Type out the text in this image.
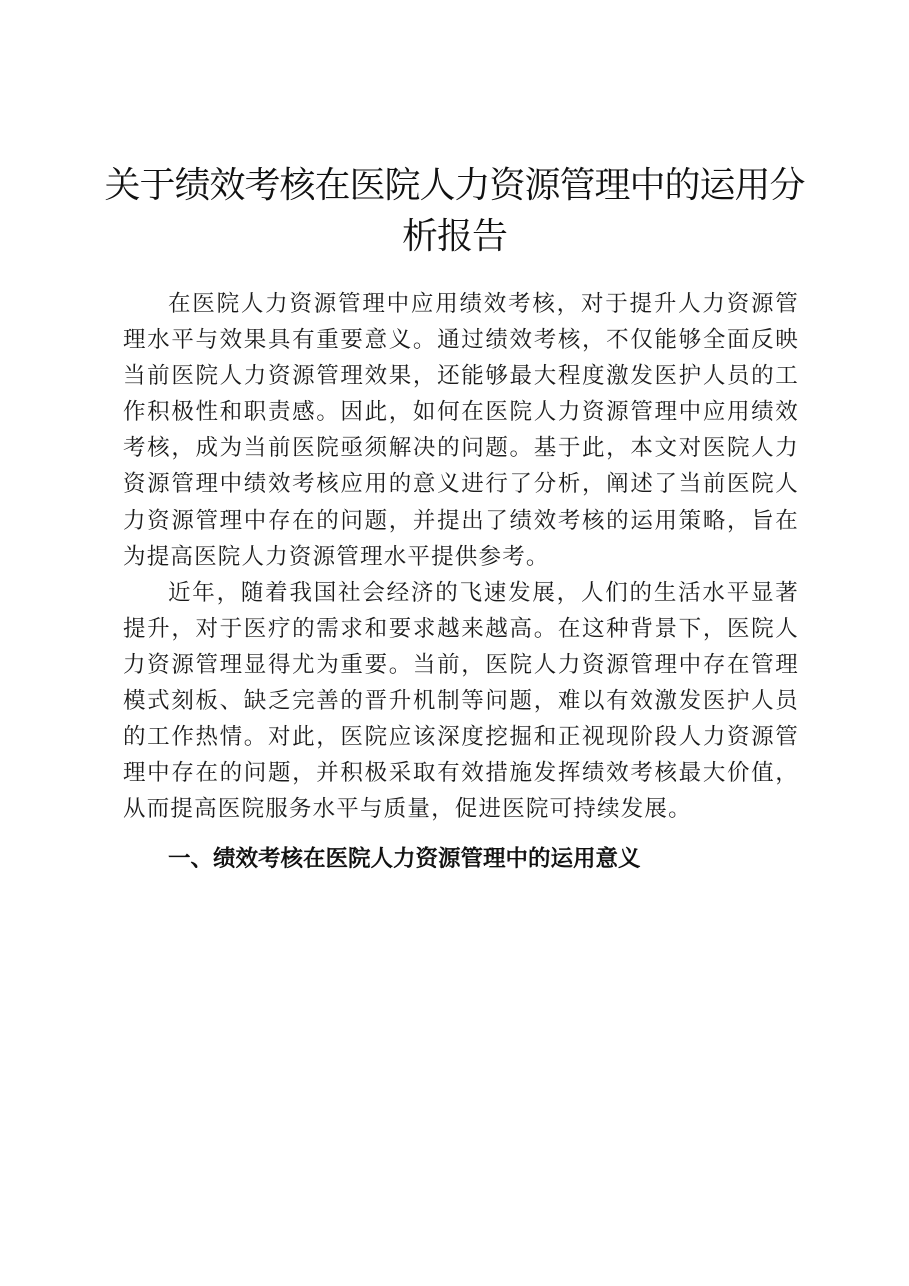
关于绩效考核在医院人力资源管理中的运用分析报告

在医院人力资源管理中应用绩效考核，对于提升人力资源管理水平与效果具有重要意义。通过绩效考核，不仅能够全面反映当前医院人力资源管理效果，还能够最大程度激发医护人员的工作积极性和职责感。因此，如何在医院人力资源管理中应用绩效考核，成为当前医院亟须解决的问题。基于此，本文对医院人力资源管理中绩效考核应用的意义进行了分析，阐述了当前医院人力资源管理中存在的问题，并提出了绩效考核的运用策略，旨在为提高医院人力资源管理水平提供参考。

近年，随着我国社会经济的飞速发展，人们的生活水平显著提升，对于医疗的需求和要求越来越高。在这种背景下，医院人力资源管理显得尤为重要。当前，医院人力资源管理中存在管理模式刻板、缺乏完善的晋升机制等问题，难以有效激发医护人员的工作热情。对此，医院应该深度挖掘和正视现阶段人力资源管理中存在的问题，并积极采取有效措施发挥绩效考核最大价值，从而提高医院服务水平与质量，促进医院可持续发展。

一、绩效考核在医院人力资源管理中的运用意义
